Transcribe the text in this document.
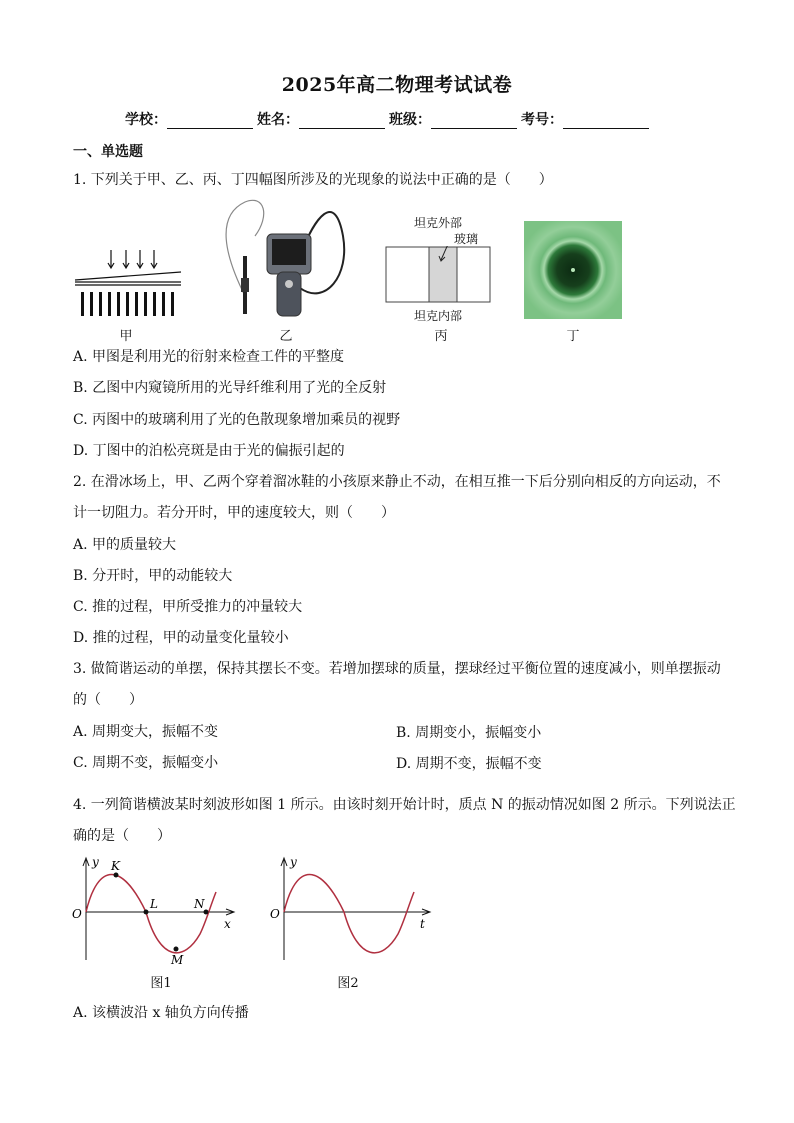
2025年高二物理考试试卷
学校：	姓名：	班级：	考号：
一、单选题
1. 下列关于甲、乙、丙、丁四幅图所涉及的光现象的说法中正确的是（　　）
甲	乙
坦克外部
玻璃
坦克内部
丙	丁
A. 甲图是利用光的衍射来检查工件的平整度
B. 乙图中内窥镜所用的光导纤维利用了光的全反射
C. 丙图中的玻璃利用了光的色散现象增加乘员的视野
D. 丁图中的泊松亮斑是由于光的偏振引起的
2. 在滑冰场上，甲、乙两个穿着溜冰鞋的小孩原来静止不动，在相互推一下后分别向相反的方向运动，不
计一切阻力。若分开时，甲的速度较大，则（　　）
A. 甲的质量较大
B. 分开时，甲的动能较大
C. 推的过程，甲所受推力的冲量较大
D. 推的过程，甲的动量变化量较小
3. 做简谐运动的单摆，保持其摆长不变。若增加摆球的质量，摆球经过平衡位置的速度减小，则单摆振动
的（　　）
A. 周期变大，振幅不变	B. 周期变小，振幅变小
C. 周期不变，振幅变小	D. 周期不变，振幅不变
4. 一列简谐横波某时刻波形如图 1 所示。由该时刻开始计时，质点 N 的振动情况如图 2 所示。下列说法正
确的是（　　）
y
O
x
K
L	N
M
图1
y
O
t
图2
A. 该横波沿 x 轴负方向传播
